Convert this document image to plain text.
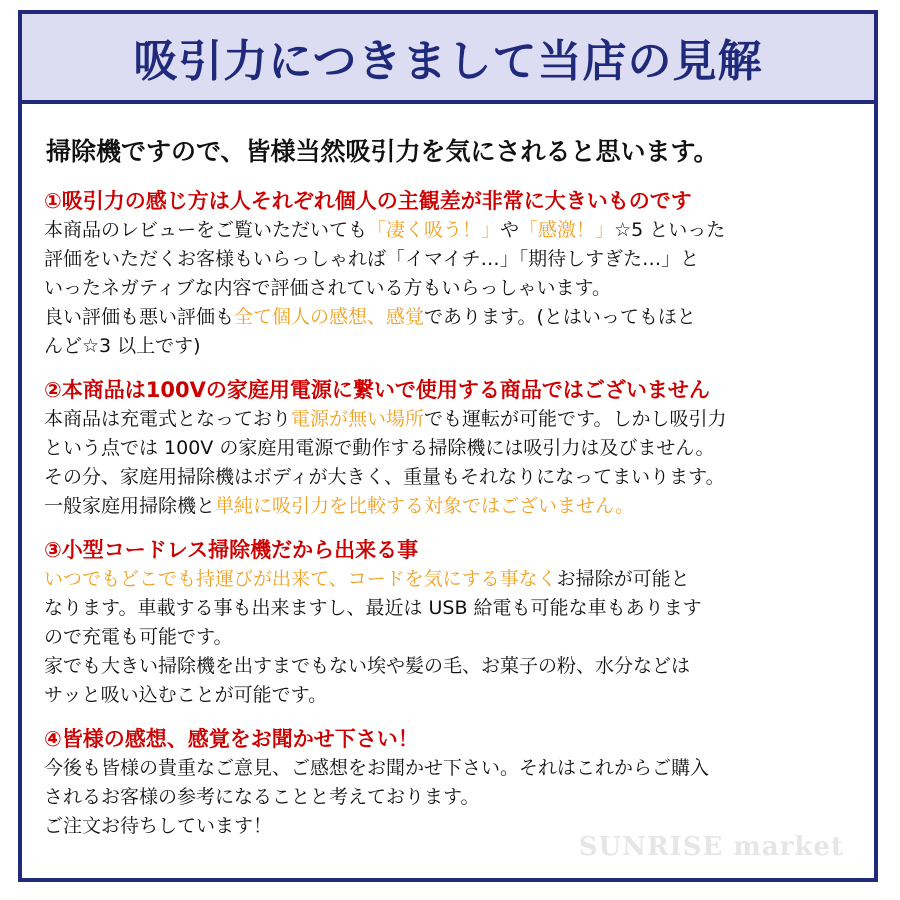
吸引力につきまして当店の見解
掃除機ですので、皆様当然吸引力を気にされると思います。
①吸引力の感じ方は人それぞれ個人の主観差が非常に大きいものです

本商品のレビューをご覧いただいても「凄く吸う！」や「感激！」☆5 といった

評価をいただくお客様もいらっしゃれば「イマイチ…」「期待しすぎた…」と

いったネガティブな内容で評価されている方もいらっしゃいます。

良い評価も悪い評価も全て個人の感想、感覚であります。(とはいってもほと

んど☆3 以上です)

②本商品は100Vの家庭用電源に繋いで使用する商品ではございません

本商品は充電式となっており電源が無い場所でも運転が可能です。しかし吸引力

という点では 100V の家庭用電源で動作する掃除機には吸引力は及びません。

その分、家庭用掃除機はボディが大きく、重量もそれなりになってまいります。

一般家庭用掃除機と単純に吸引力を比較する対象ではございません。

③小型コードレス掃除機だから出来る事

いつでもどこでも持運びが出来て、コードを気にする事なくお掃除が可能と

なります。車載する事も出来ますし、最近は USB 給電も可能な車もあります

ので充電も可能です。

家でも大きい掃除機を出すまでもない埃や髪の毛、お菓子の粉、水分などは

サッと吸い込むことが可能です。

④皆様の感想、感覚をお聞かせ下さい！

今後も皆様の貴重なご意見、ご感想をお聞かせ下さい。それはこれからご購入

されるお客様の参考になることと考えております。

ご注文お待ちしています！

SUNRISE market
